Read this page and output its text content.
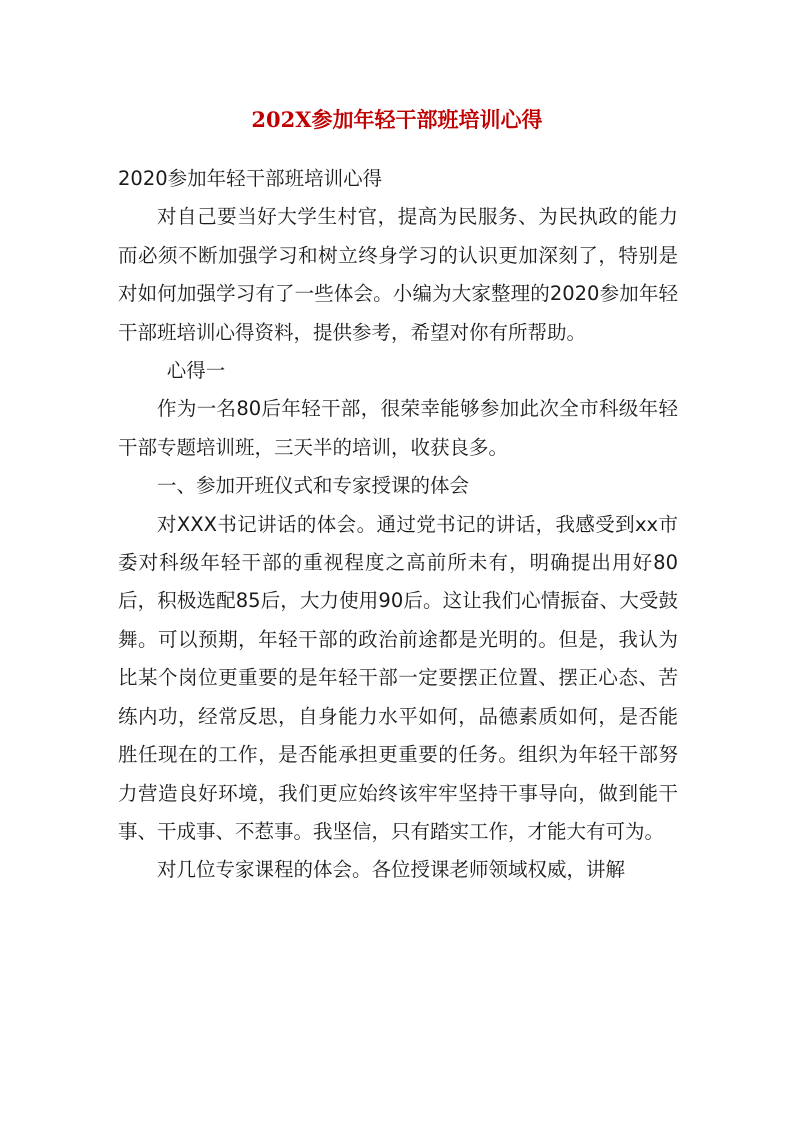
202X参加年轻干部班培训心得

2020参加年轻干部班培训心得

对自己要当好大学生村官，提高为民服务、为民执政的能力而必须不断加强学习和树立终身学习的认识更加深刻了，特别是对如何加强学习有了一些体会。小编为大家整理的2020参加年轻干部班培训心得资料，提供参考，希望对你有所帮助。

心得一

作为一名80后年轻干部，很荣幸能够参加此次全市科级年轻干部专题培训班，三天半的培训，收获良多。

一、参加开班仪式和专家授课的体会

对XXX书记讲话的体会。通过党书记的讲话，我感受到xx市委对科级年轻干部的重视程度之高前所未有，明确提出用好80后，积极选配85后，大力使用90后。这让我们心情振奋、大受鼓舞。可以预期，年轻干部的政治前途都是光明的。但是，我认为比某个岗位更重要的是年轻干部一定要摆正位置、摆正心态、苦练内功，经常反思，自身能力水平如何，品德素质如何，是否能胜任现在的工作，是否能承担更重要的任务。组织为年轻干部努力营造良好环境，我们更应始终该牢牢坚持干事导向，做到能干事、干成事、不惹事。我坚信，只有踏实工作，才能大有可为。

对几位专家课程的体会。各位授课老师领域权威，讲解
